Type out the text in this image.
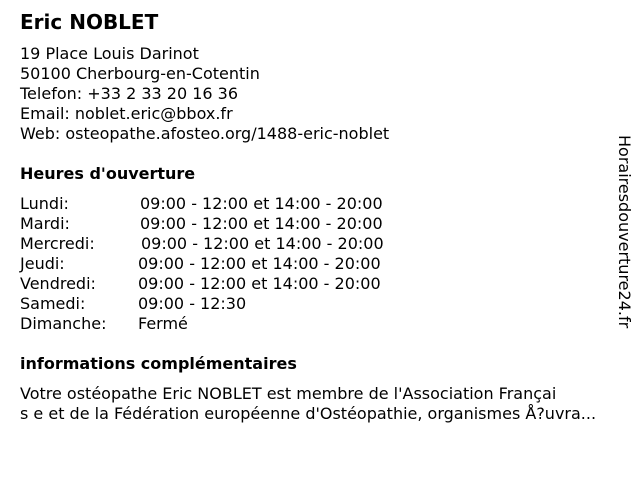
Eric NOBLET
19 Place Louis Darinot
50100 Cherbourg-en-Cotentin
Telefon: +33 2 33 20 16 36
Email: noblet.eric@bbox.fr
Web: osteopathe.afosteo.org/1488-eric-noblet
Heures d'ouverture
Lundi:	09:00 - 12:00 et 14:00 - 20:00
Mardi:	09:00 - 12:00 et 14:00 - 20:00
Mercredi:	09:00 - 12:00 et 14:00 - 20:00
Jeudi:	09:00 - 12:00 et 14:00 - 20:00
Vendredi:	09:00 - 12:00 et 14:00 - 20:00
Samedi:	09:00 - 12:30
Dimanche: Fermé
informations complémentaires
Votre ostéopathe Eric NOBLET est membre de l'Association Françai
s e et de la Fédération européenne d'Ostéopathie, organismes Å?uvra...
Horairesdouverture24.fr
